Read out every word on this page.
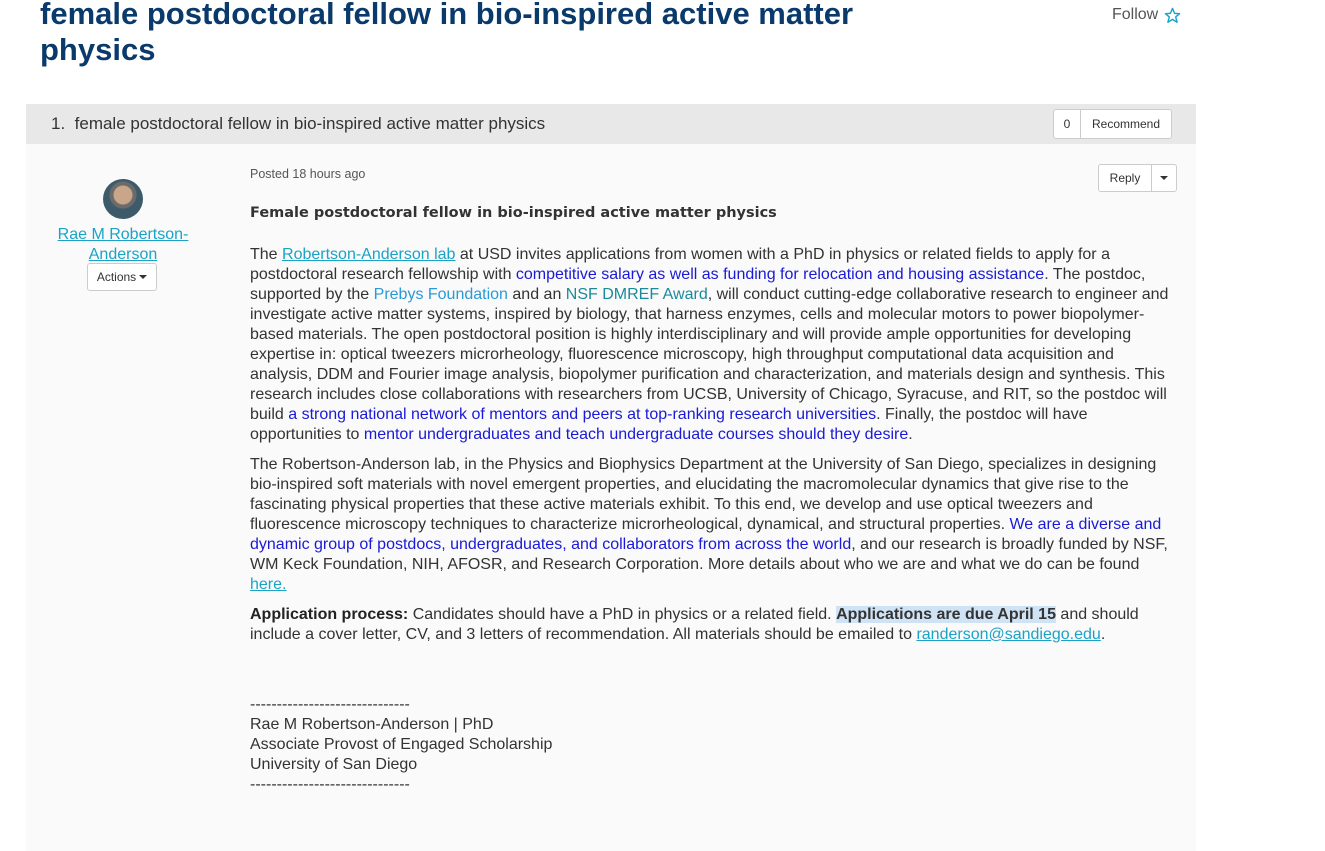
female postdoctoral fellow in bio-inspired active matter physics
Follow
1. female postdoctoral fellow in bio-inspired active matter physics	0	Recommend
Rae M Robertson-Anderson
Actions
Posted 18 hours ago	Reply
Female postdoctoral fellow in bio-inspired active matter physics
The Robertson-Anderson lab at USD invites applications from women with a PhD in physics or related fields to apply for a postdoctoral research fellowship with competitive salary as well as funding for relocation and housing assistance. The postdoc, supported by the Prebys Foundation and an NSF DMREF Award, will conduct cutting-edge collaborative research to engineer and investigate active matter systems, inspired by biology, that harness enzymes, cells and molecular motors to power biopolymer-based materials. The open postdoctoral position is highly interdisciplinary and will provide ample opportunities for developing expertise in: optical tweezers microrheology, fluorescence microscopy, high throughput computational data acquisition and analysis, DDM and Fourier image analysis, biopolymer purification and characterization, and materials design and synthesis. This research includes close collaborations with researchers from UCSB, University of Chicago, Syracuse, and RIT, so the postdoc will build a strong national network of mentors and peers at top-ranking research universities. Finally, the postdoc will have opportunities to mentor undergraduates and teach undergraduate courses should they desire.
The Robertson-Anderson lab, in the Physics and Biophysics Department at the University of San Diego, specializes in designing bio-inspired soft materials with novel emergent properties, and elucidating the macromolecular dynamics that give rise to the fascinating physical properties that these active materials exhibit. To this end, we develop and use optical tweezers and fluorescence microscopy techniques to characterize microrheological, dynamical, and structural properties. We are a diverse and dynamic group of postdocs, undergraduates, and collaborators from across the world, and our research is broadly funded by NSF, WM Keck Foundation, NIH, AFOSR, and Research Corporation. More details about who we are and what we do can be found here.
Application process: Candidates should have a PhD in physics or a related field. Applications are due April 15 and should include a cover letter, CV, and 3 letters of recommendation. All materials should be emailed to randerson@sandiego.edu.
------------------------------
Rae M Robertson-Anderson | PhD
Associate Provost of Engaged Scholarship
University of San Diego
------------------------------
